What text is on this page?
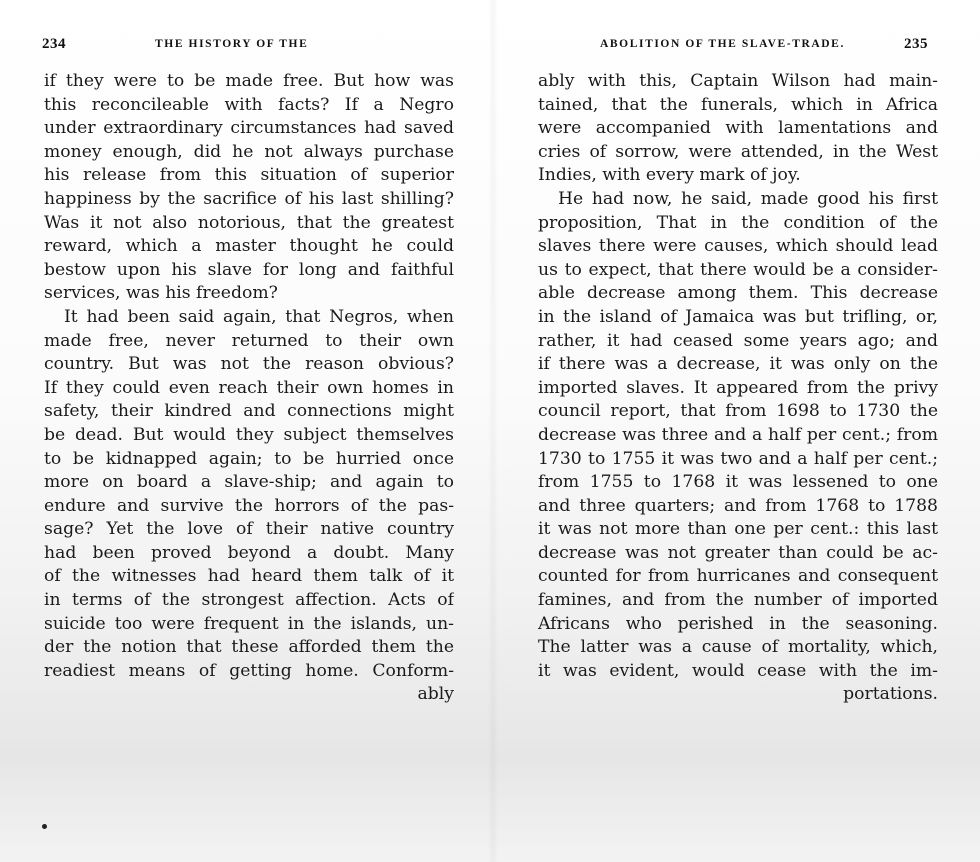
234	THE HISTORY OF THE
if they were to be made free. But how was
this reconcileable with facts? If a Negro
under extraordinary circumstances had saved
money enough, did he not always purchase
his release from this situation of superior
happiness by the sacrifice of his last shilling?
Was it not also notorious, that the greatest
reward, which a master thought he could
bestow upon his slave for long and faithful
services, was his freedom?
It had been said again, that Negros, when
made free, never returned to their own
country. But was not the reason obvious?
If they could even reach their own homes in
safety, their kindred and connections might
be dead. But would they subject themselves
to be kidnapped again; to be hurried once
more on board a slave-ship; and again to
endure and survive the horrors of the pas-
sage? Yet the love of their native country
had been proved beyond a doubt. Many
of the witnesses had heard them talk of it
in terms of the strongest affection. Acts of
suicide too were frequent in the islands, un-
der the notion that these afforded them the
readiest means of getting home. Conform-
ably
ABOLITION OF THE SLAVE-TRADE.	235
ably with this, Captain Wilson had main-
tained, that the funerals, which in Africa
were accompanied with lamentations and
cries of sorrow, were attended, in the West
Indies, with every mark of joy.
He had now, he said, made good his first
proposition, That in the condition of the
slaves there were causes, which should lead
us to expect, that there would be a consider-
able decrease among them. This decrease
in the island of Jamaica was but trifling, or,
rather, it had ceased some years ago; and
if there was a decrease, it was only on the
imported slaves. It appeared from the privy
council report, that from 1698 to 1730 the
decrease was three and a half per cent.; from
1730 to 1755 it was two and a half per cent.;
from 1755 to 1768 it was lessened to one
and three quarters; and from 1768 to 1788
it was not more than one per cent.: this last
decrease was not greater than could be ac-
counted for from hurricanes and consequent
famines, and from the number of imported
Africans who perished in the seasoning.
The latter was a cause of mortality, which,
it was evident, would cease with the im-
portations.
